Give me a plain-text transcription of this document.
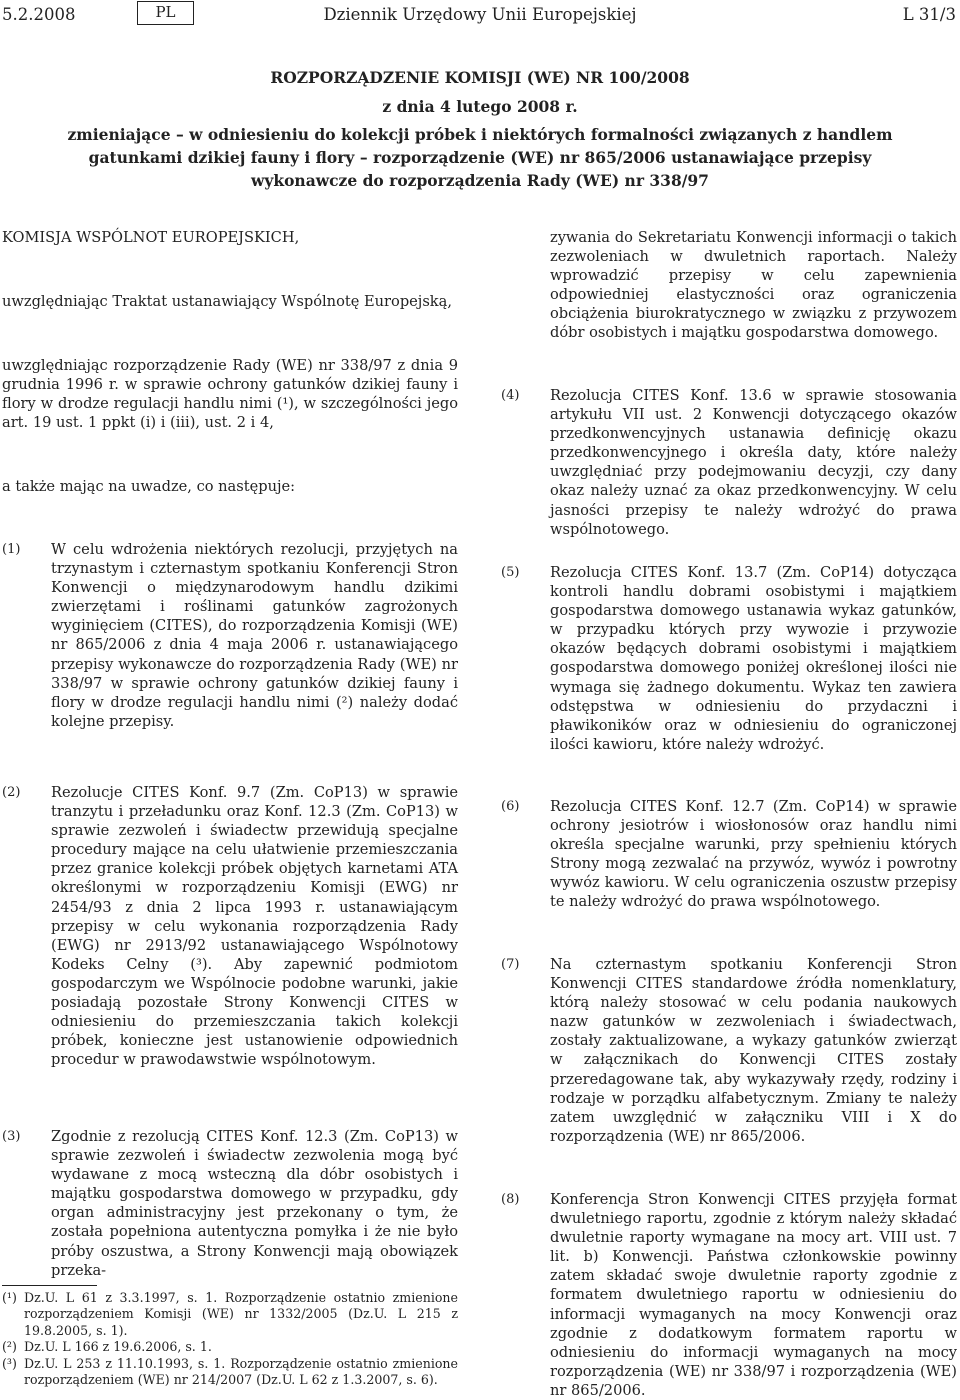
5.2.2008	PL	Dziennik Urzędowy Unii Europejskiej	L 31/3
ROZPORZĄDZENIE KOMISJI (WE) NR 100/2008
z dnia 4 lutego 2008 r.
zmieniające – w odniesieniu do kolekcji próbek i niektórych formalności związanych z handlem gatunkami dzikiej fauny i flory – rozporządzenie (WE) nr 865/2006 ustanawiające przepisy wykonawcze do rozporządzenia Rady (WE) nr 338/97
KOMISJA WSPÓLNOT EUROPEJSKICH,
uwzględniając Traktat ustanawiający Wspólnotę Europejską,
uwzględniając rozporządzenie Rady (WE) nr 338/97 z dnia 9 grudnia 1996 r. w sprawie ochrony gatunków dzikiej fauny i flory w drodze regulacji handlu nimi (¹), w szczególności jego art. 19 ust. 1 ppkt (i) i (iii), ust. 2 i 4,
a także mając na uwadze, co następuje:
(1) W celu wdrożenia niektórych rezolucji, przyjętych na trzynastym i czternastym spotkaniu Konferencji Stron Konwencji o międzynarodowym handlu dzikimi zwierzętami i roślinami gatunków zagrożonych wyginięciem (CITES), do rozporządzenia Komisji (WE) nr 865/2006 z dnia 4 maja 2006 r. ustanawiającego przepisy wykonawcze do rozporządzenia Rady (WE) nr 338/97 w sprawie ochrony gatunków dzikiej fauny i flory w drodze regulacji handlu nimi (²) należy dodać kolejne przepisy.
(2) Rezolucje CITES Konf. 9.7 (Zm. CoP13) w sprawie tranzytu i przeładunku oraz Konf. 12.3 (Zm. CoP13) w sprawie zezwoleń i świadectw przewidują specjalne procedury mające na celu ułatwienie przemieszczania przez granice kolekcji próbek objętych karnetami ATA określonymi w rozporządzeniu Komisji (EWG) nr 2454/93 z dnia 2 lipca 1993 r. ustanawiającym przepisy w celu wykonania rozporządzenia Rady (EWG) nr 2913/92 ustanawiającego Wspólnotowy Kodeks Celny (³). Aby zapewnić podmiotom gospodarczym we Wspólnocie podobne warunki, jakie posiadają pozostałe Strony Konwencji CITES w odniesieniu do przemieszczania takich kolekcji próbek, konieczne jest ustanowienie odpowiednich procedur w prawodawstwie wspólnotowym.
(3) Zgodnie z rezolucją CITES Konf. 12.3 (Zm. CoP13) w sprawie zezwoleń i świadectw zezwolenia mogą być wydawane z mocą wsteczną dla dóbr osobistych i majątku gospodarstwa domowego w przypadku, gdy organ administracyjny jest przekonany o tym, że została popełniona autentyczna pomyłka i że nie było próby oszustwa, a Strony Konwencji mają obowiązek przeka-
zywania do Sekretariatu Konwencji informacji o takich zezwoleniach w dwuletnich raportach. Należy wprowadzić przepisy w celu zapewnienia odpowiedniej elastyczności oraz ograniczenia obciążenia biurokratycznego w związku z przywozem dóbr osobistych i majątku gospodarstwa domowego.
(4) Rezolucja CITES Konf. 13.6 w sprawie stosowania artykułu VII ust. 2 Konwencji dotyczącego okazów przedkonwencyjnych ustanawia definicję okazu przedkonwencyjnego i określa daty, które należy uwzględniać przy podejmowaniu decyzji, czy dany okaz należy uznać za okaz przedkonwencyjny. W celu jasności przepisy te należy wdrożyć do prawa wspólnotowego.
(5) Rezolucja CITES Konf. 13.7 (Zm. CoP14) dotycząca kontroli handlu dobrami osobistymi i majątkiem gospodarstwa domowego ustanawia wykaz gatunków, w przypadku których przy wywozie i przywozie okazów będących dobrami osobistymi i majątkiem gospodarstwa domowego poniżej określonej ilości nie wymaga się żadnego dokumentu. Wykaz ten zawiera odstępstwa w odniesieniu do przydaczni i pławikoników oraz w odniesieniu do ograniczonej ilości kawioru, które należy wdrożyć.
(6) Rezolucja CITES Konf. 12.7 (Zm. CoP14) w sprawie ochrony jesiotrów i wiosłonosów oraz handlu nimi określa specjalne warunki, przy spełnieniu których Strony mogą zezwalać na przywóz, wywóz i powrotny wywóz kawioru. W celu ograniczenia oszustw przepisy te należy wdrożyć do prawa wspólnotowego.
(7) Na czternastym spotkaniu Konferencji Stron Konwencji CITES standardowe źródła nomenklatury, którą należy stosować w celu podania naukowych nazw gatunków w zezwoleniach i świadectwach, zostały zaktualizowane, a wykazy gatunków zwierząt w załącznikach do Konwencji CITES zostały przeredagowane tak, aby wykazywały rzędy, rodziny i rodzaje w porządku alfabetycznym. Zmiany te należy zatem uwzględnić w załączniku VIII i X do rozporządzenia (WE) nr 865/2006.
(8) Konferencja Stron Konwencji CITES przyjęła format dwuletniego raportu, zgodnie z którym należy składać dwuletnie raporty wymagane na mocy art. VIII ust. 7 lit. b) Konwencji. Państwa członkowskie powinny zatem składać swoje dwuletnie raporty zgodnie z formatem dwuletniego raportu w odniesieniu do informacji wymaganych na mocy Konwencji oraz zgodnie z dodatkowym formatem raportu w odniesieniu do informacji wymaganych na mocy rozporządzenia (WE) nr 338/97 i rozporządzenia (WE) nr 865/2006.
(¹) Dz.U. L 61 z 3.3.1997, s. 1. Rozporządzenie ostatnio zmienione rozporządzeniem Komisji (WE) nr 1332/2005 (Dz.U. L 215 z 19.8.2005, s. 1).
(²) Dz.U. L 166 z 19.6.2006, s. 1.
(³) Dz.U. L 253 z 11.10.1993, s. 1. Rozporządzenie ostatnio zmienione rozporządzeniem (WE) nr 214/2007 (Dz.U. L 62 z 1.3.2007, s. 6).
